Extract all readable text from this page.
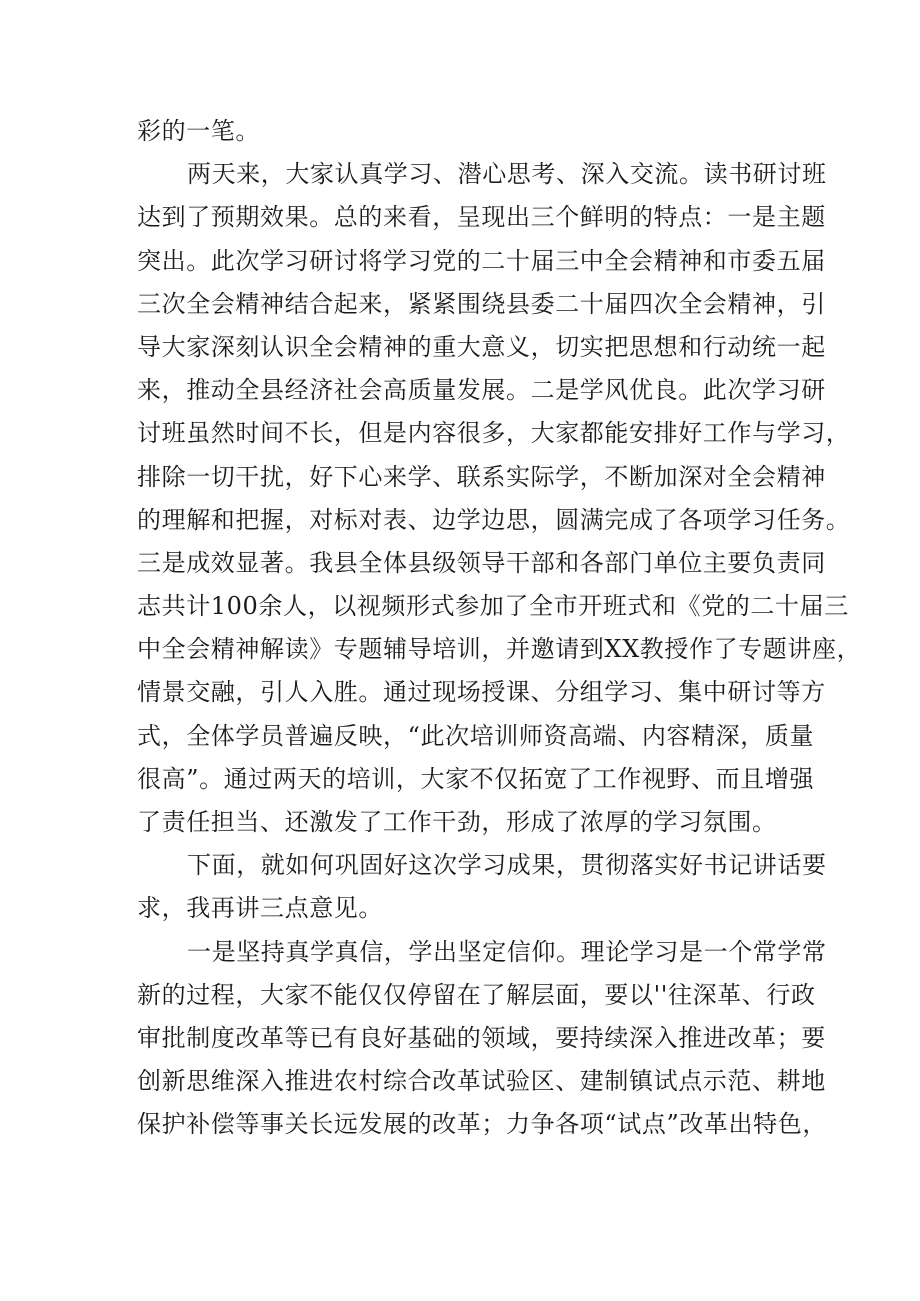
彩的一笔。
两天来，大家认真学习、潜心思考、深入交流。读书研讨班
达到了预期效果。总的来看，呈现出三个鲜明的特点：一是主题
突出。此次学习研讨将学习党的二十届三中全会精神和市委五届
三次全会精神结合起来，紧紧围绕县委二十届四次全会精神，引
导大家深刻认识全会精神的重大意义，切实把思想和行动统一起
来，推动全县经济社会高质量发展。二是学风优良。此次学习研
讨班虽然时间不长，但是内容很多，大家都能安排好工作与学习，
排除一切干扰，好下心来学、联系实际学，不断加深对全会精神
的理解和把握，对标对表、边学边思，圆满完成了各项学习任务。
三是成效显著。我县全体县级领导干部和各部门单位主要负责同
志共计100余人，以视频形式参加了全市开班式和《党的二十届三
中全会精神解读》专题辅导培训，并邀请到XX教授作了专题讲座，
情景交融，引人入胜。通过现场授课、分组学习、集中研讨等方
式，全体学员普遍反映，“此次培训师资高端、内容精深，质量
很高”。通过两天的培训，大家不仅拓宽了工作视野、而且增强
了责任担当、还激发了工作干劲，形成了浓厚的学习氛围。
下面，就如何巩固好这次学习成果，贯彻落实好书记讲话要
求，我再讲三点意见。
一是坚持真学真信，学出坚定信仰。理论学习是一个常学常
新的过程，大家不能仅仅停留在了解层面，要以''往深革、行政
审批制度改革等已有良好基础的领域，要持续深入推进改革；要
创新思维深入推进农村综合改革试验区、建制镇试点示范、耕地
保护补偿等事关长远发展的改革；力争各项“试点”改革出特色，
